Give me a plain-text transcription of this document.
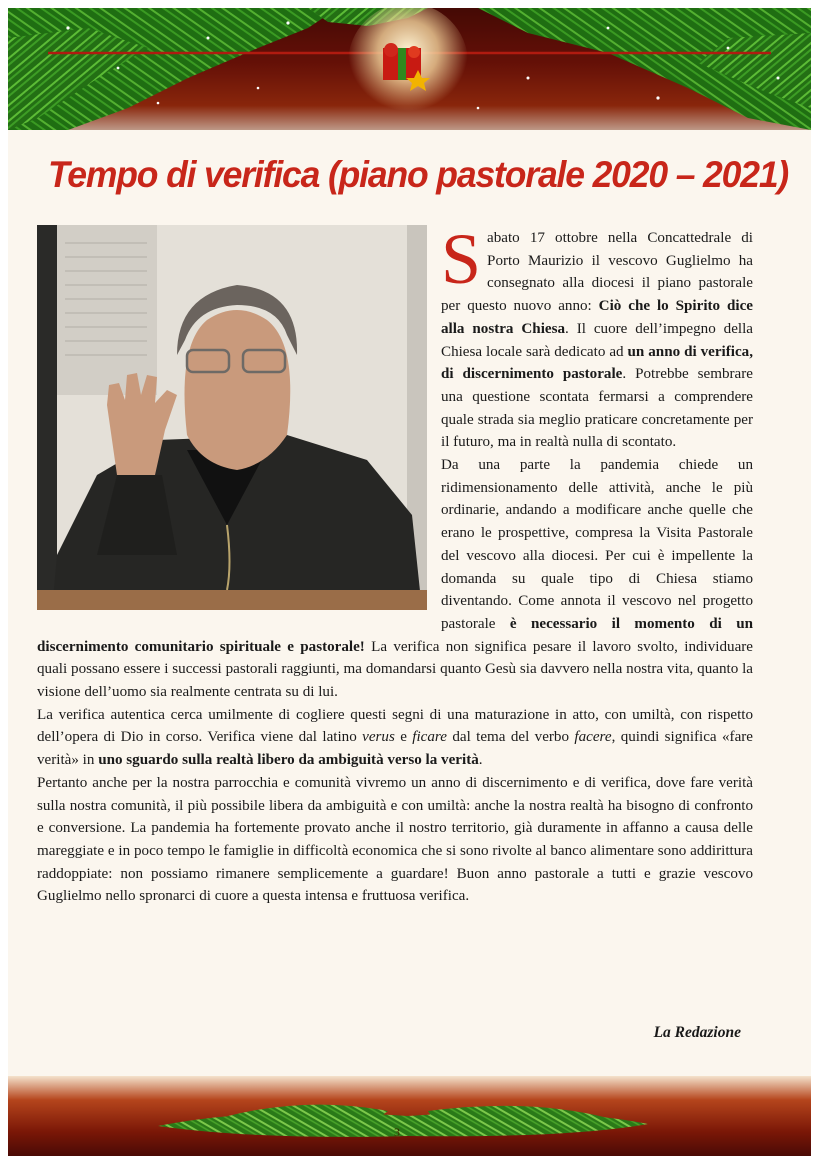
Tempo di verifica (piano pastorale 2020 – 2021)

Sabato 17 ottobre nella Concattedrale di Porto Maurizio il vescovo Guglielmo ha consegnato alla diocesi il piano pastorale per questo nuovo anno: Ciò che lo Spirito dice alla nostra Chiesa. Il cuore dell’impegno della Chiesa locale sarà dedicato ad un anno di verifica, di discernimento pastorale. Potrebbe sembrare una questione scontata fermarsi a comprendere quale strada sia meglio praticare concretamente per il futuro, ma in realtà nulla di scontato.

Da una parte la pandemia chiede un ridimensionamento delle attività, anche le più ordinarie, andando a modificare anche quelle che erano le prospettive, compresa la Visita Pastorale del vescovo alla diocesi. Per cui è impellente la domanda su quale tipo di Chiesa stiamo diventando. Come annota il vescovo nel progetto pastorale è necessario il momento di un discernimento comunitario spirituale e pastorale! La verifica non significa pesare il lavoro svolto, individuare quali possano essere i successi pastorali raggiunti, ma domandarsi quanto Gesù sia davvero nella nostra vita, quanto la visione dell’uomo sia realmente centrata su di lui.

La verifica autentica cerca umilmente di cogliere questi segni di una maturazione in atto, con umiltà, con rispetto dell’opera di Dio in corso. Verifica viene dal latino verus e ficare dal tema del verbo facere, quindi significa «fare verità» in uno sguardo sulla realtà libero da ambiguità verso la verità.

Pertanto anche per la nostra parrocchia e comunità vivremo un anno di discernimento e di verifica, dove fare verità sulla nostra comunità, il più possibile libera da ambiguità e con umiltà: anche la nostra realtà ha bisogno di confronto e conversione. La pandemia ha fortemente provato anche il nostro territorio, già duramente in affanno a causa delle mareggiate e in poco tempo le famiglie in difficoltà economica che si sono rivolte al banco alimentare sono addirittura raddoppiate: non possiamo rimanere semplicemente a guardare! Buon anno pastorale a tutti e grazie vescovo Guglielmo nello spronarci di cuore a questa intensa e fruttuosa verifica.

La Redazione
3
